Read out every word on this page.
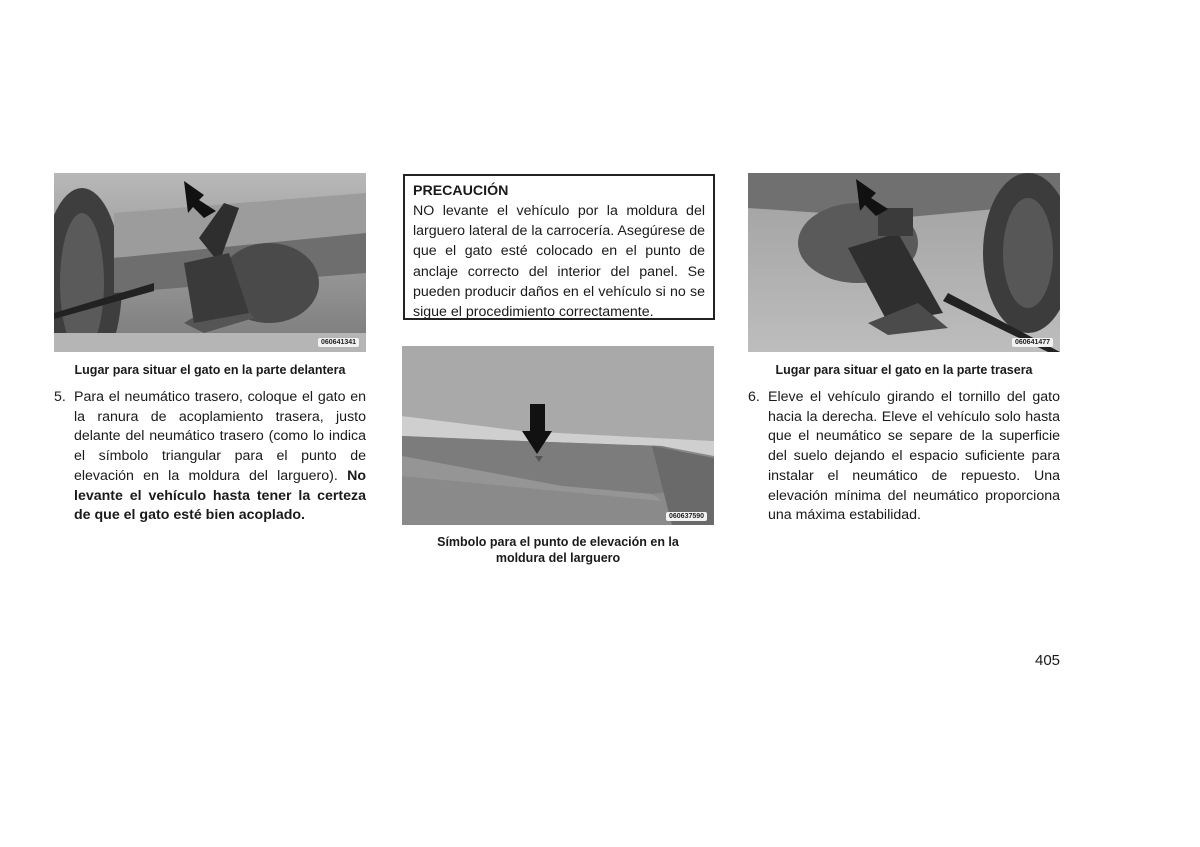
060641341
Lugar para situar el gato en la parte delantera
060637590
Símbolo para el punto de elevación en la
moldura del larguero
PRECAUCIÓN
NO levante el vehículo por la moldura del larguero lateral de la carrocería. Asegúrese de que el gato esté colocado en el punto de anclaje correcto del interior del panel. Se pueden producir daños en el vehículo si no se sigue el procedimiento correctamente.
060641477
Lugar para situar el gato en la parte trasera
5. Para el neumático trasero, coloque el gato en la ranura de acoplamiento trasera, justo delante del neumático trasero (como lo indica el símbolo triangular para el punto de elevación en la moldura del larguero). No levante el vehículo hasta tener la certeza de que el gato esté bien acoplado.
6. Eleve el vehículo girando el tornillo del gato hacia la derecha. Eleve el vehículo solo hasta que el neumático se separe de la superficie del suelo dejando el espacio suficiente para instalar el neumático de repuesto. Una elevación mínima del neumático proporciona una máxima estabilidad.
405
